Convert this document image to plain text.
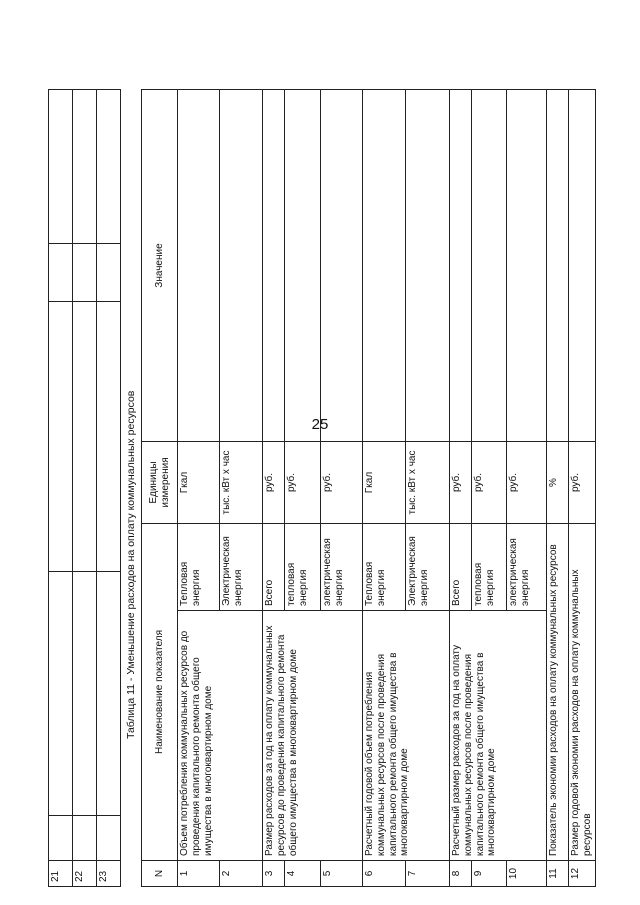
25
21					
22					
23					
Таблица 11 - Уменьшение расходов на оплату коммунальных ресурсов
N	Наименование показателя		Единицы измерения	Значение
1	Объем потребления коммунальных ресурсов до проведения капитального ремонта общего имущества в многоквартирном доме	Тепловая энергия	Гкал	
2		Электрическая энергия	тыс. кВт х час	
3	Размер расходов за год на оплату коммунальных ресурсов до проведения капитального ремонта общего имущества в многоквартирном доме	Всего	руб.	
4		тепловая энергия	руб.	
5		электрическая энергия	руб.	
6	Расчетный годовой объем потребления коммунальных ресурсов после проведения капитального ремонта общего имущества в многоквартирном доме	Тепловая энергия	Гкал	
7		Электрическая энергия	тыс. кВт х час	
8	Расчетный размер расходов за год на оплату коммунальных ресурсов после проведения капитального ремонта общего имущества в многоквартирном доме	Всего	руб.	
9		тепловая энергия	руб.	
10		электрическая энергия	руб.	
11	Показатель экономии расходов на оплату коммунальных ресурсов		%	
12	Размер годовой экономии расходов на оплату коммунальных ресурсов		руб.	
